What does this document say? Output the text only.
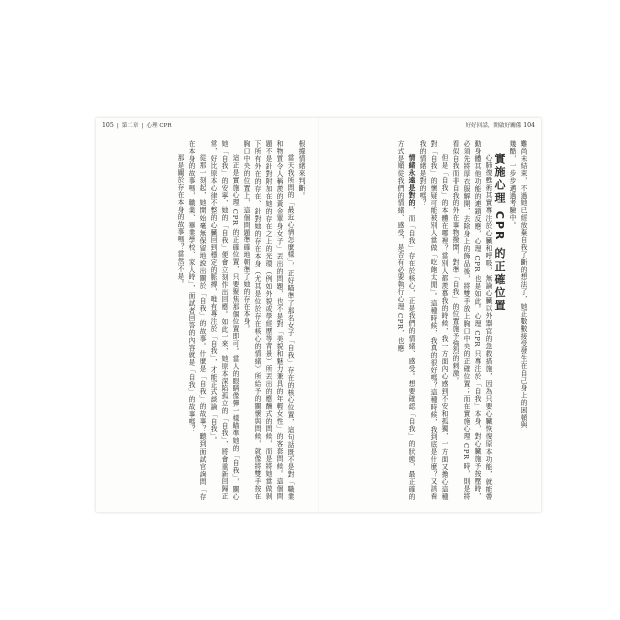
105 | 第二章 | 心理 CPR	好好回話，開啟好關係 104

難尚未結束，不過她已經放棄自我了斷的想法了，她正數數接受發生在自己身上的困頓與

幾酷，一步步邁過考驗中。

實施心理 CPR 的正確位置

心肺復甦術其實專注於心臟和呼吸，無論心臟以外器官的急救措施，因為只要心臟恢復原本功能，就能帶動身體其他功能的連鎖反應，心理 CPR 也是如此。心理 CPR 只專注於「自我」本身，對心臟施予按壓時，必須先將厚衣服解開，去除身上的飾品後，將雙手放上胸口中央的正確位置；而在實施心理 CPR 時，則是將看似自我而非自我的外在事物撥開，對準「自我」的位置施予強烈的刺激。

但是「自我」的本體在哪裡？當別人都羨慕我的時候，我一方面內心感到不安和孤獨，一方面又擔心這種對「自我」的懷疑可能被別人當做「吃飽太閒」。這種時候，我真的很好嗎？這種時候，我到底是什麼？又該看我的情緒是對的嗎？

情緒永遠是對的，而「自我」存在於核心，正是我們的情緒、感受。想要確認「自我」的狀態，最正確的方式是順從我們的情緒、感受，是否有必要執行心理 CPR，也應

根據情緒來判斷。

當天我所問的「最近心情怎麼樣」，正好瞄準了那名女子「自我」存在的核心位置，這句話既不是對「職業和物質令人稱羨的黃金單身女子」丟出的問題，也不是對「美貌和魅力兼具的年輕女性」的客套問候。這個問題不是針對附加在她的存在之上的光環（例如外貌或學經歷等背景）所丟出的應酬式的問候，而是將她當做剝下所有外在的存在、針對她的存在本身（尤其是位於存在核心的情緒）所給予的關懷與問候，就像將雙手按在胸口中央的位置上，這個問題準確地朝準了她的存在本身。

這正是實施心理 CPR 的正確位置，只要聚焦那個位置即可。當人的眼睛像彈一樣瞄準她的「自我」，關心她「自我」的安寧，她的「自我」便會立刻作出回應。如此一來，她原本深陷孤立的「自我」，將會重新回歸正常，好比原本心律不整的心臟回到穩定的脈搏，唯有專注於「自我」，才能正式談論「自我」。

從那一刻起，她開始毫無保留地說出關於「自我」的故事。什麼是「自我」的故事？聽到面試官詢問「存在本身的故事嗎，職業、畢業學校、家人時」，面試者回答的內容就是「自我」的故事嗎？

那是關於存在本身的故事嗎？當然不是。
